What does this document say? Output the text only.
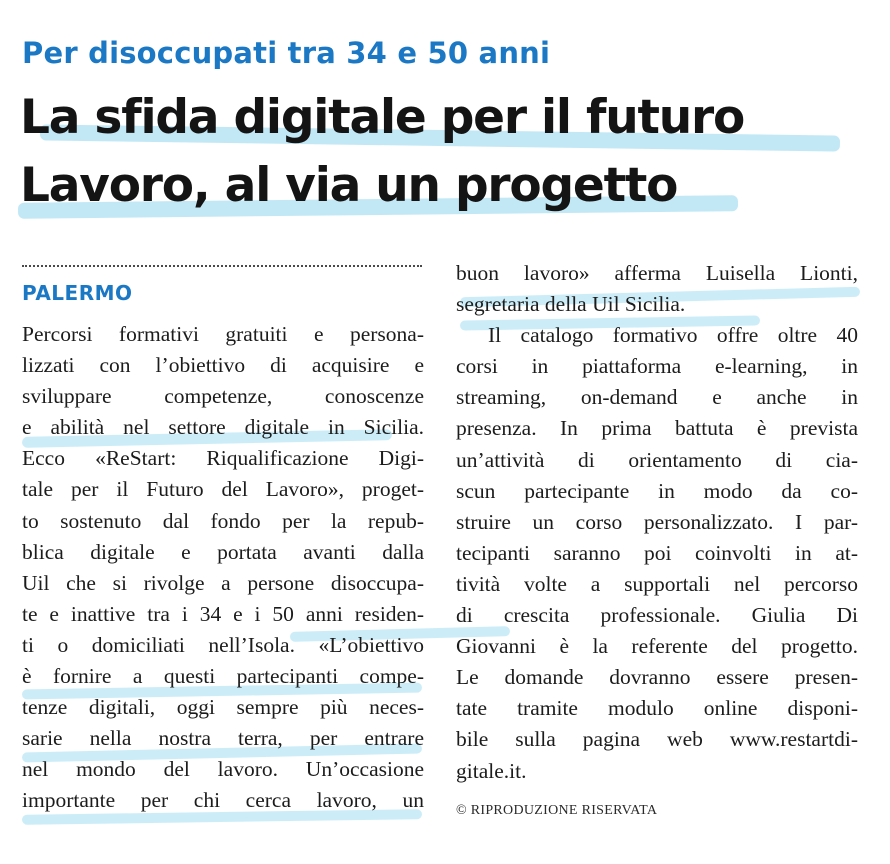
Per disoccupati tra 34 e 50 anni
La sfida digitale per il futuro
Lavoro, al via un progetto
PALERMO
Percorsi formativi gratuiti e persona-
lizzati con l’obiettivo di acquisire e
sviluppare competenze, conoscenze
e abilità nel settore digitale in Sicilia.
Ecco «ReStart: Riqualificazione Digi-
tale per il Futuro del Lavoro», proget-
to sostenuto dal fondo per la repub-
blica digitale e portata avanti dalla
Uil che si rivolge a persone disoccupa-
te e inattive tra i 34 e i 50 anni residen-
ti o domiciliati nell’Isola. «L’obiettivo
è fornire a questi partecipanti compe-
tenze digitali, oggi sempre più neces-
sarie nella nostra terra, per entrare
nel mondo del lavoro. Un’occasione
importante per chi cerca lavoro, un
buon lavoro» afferma Luisella Lionti,
segretaria della Uil Sicilia.
Il catalogo formativo offre oltre 40
corsi in piattaforma e-learning, in
streaming, on-demand e anche in
presenza. In prima battuta è prevista
un’attività di orientamento di cia-
scun partecipante in modo da co-
struire un corso personalizzato. I par-
tecipanti saranno poi coinvolti in at-
tività volte a supportali nel percorso
di crescita professionale. Giulia Di
Giovanni è la referente del progetto.
Le domande dovranno essere presen-
tate tramite modulo online disponi-
bile sulla pagina web www.restartdi-
gitale.it.
© RIPRODUZIONE RISERVATA
